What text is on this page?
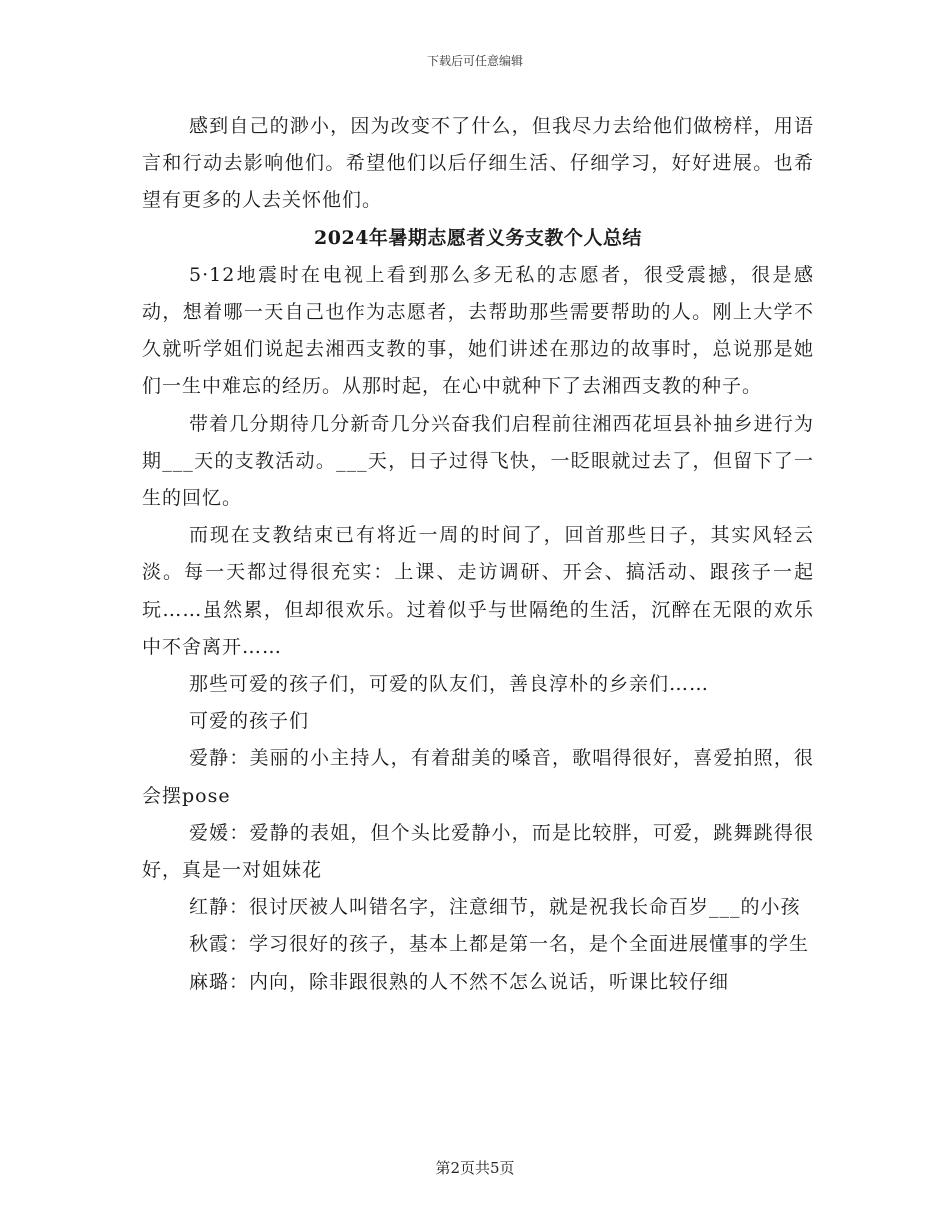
下载后可任意编辑

感到自己的渺小，因为改变不了什么，但我尽力去给他们做榜样，用语言和行动去影响他们。希望他们以后仔细生活、仔细学习，好好进展。也希望有更多的人去关怀他们。

2024年暑期志愿者义务支教个人总结

5·12地震时在电视上看到那么多无私的志愿者，很受震撼，很是感动，想着哪一天自己也作为志愿者，去帮助那些需要帮助的人。刚上大学不久就听学姐们说起去湘西支教的事，她们讲述在那边的故事时，总说那是她们一生中难忘的经历。从那时起，在心中就种下了去湘西支教的种子。

带着几分期待几分新奇几分兴奋我们启程前往湘西花垣县补抽乡进行为期___天的支教活动。___天，日子过得飞快，一眨眼就过去了，但留下了一生的回忆。

而现在支教结束已有将近一周的时间了，回首那些日子，其实风轻云淡。每一天都过得很充实：上课、走访调研、开会、搞活动、跟孩子一起玩……虽然累，但却很欢乐。过着似乎与世隔绝的生活，沉醉在无限的欢乐中不舍离开……

那些可爱的孩子们，可爱的队友们，善良淳朴的乡亲们……

可爱的孩子们

爱静：美丽的小主持人，有着甜美的嗓音，歌唱得很好，喜爱拍照，很会摆pose

爱媛：爱静的表姐，但个头比爱静小，而是比较胖，可爱，跳舞跳得很好，真是一对姐妹花

红静：很讨厌被人叫错名字，注意细节，就是祝我长命百岁___的小孩

秋霞：学习很好的孩子，基本上都是第一名，是个全面进展懂事的学生

麻璐：内向，除非跟很熟的人不然不怎么说话，听课比较仔细

第2页共5页
